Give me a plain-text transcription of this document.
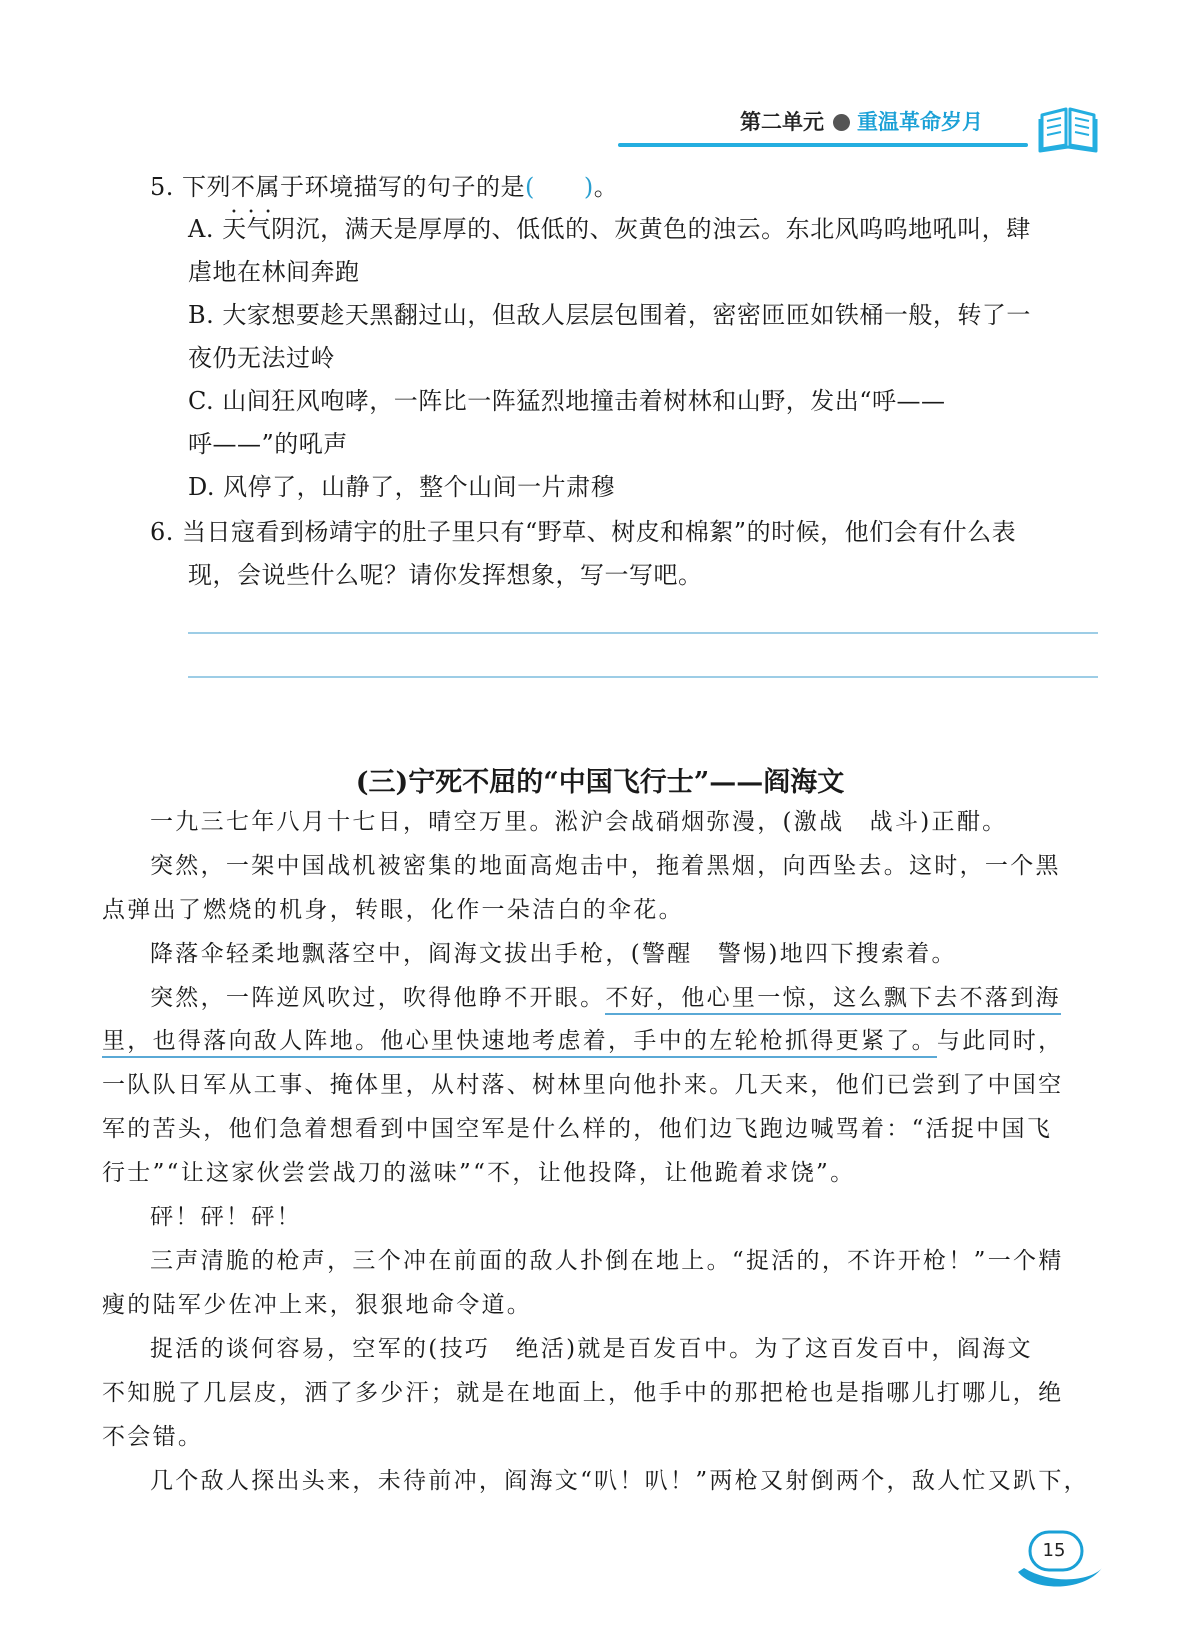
第二单元 重温革命岁月
5. 下列不属于 • • •环境描写的句子的是(　　)。
A. 天气阴沉，满天是厚厚的、低低的、灰黄色的浊云。东北风呜呜地吼叫，肆
虐地在林间奔跑
B. 大家想要趁天黑翻过山，但敌人层层包围着，密密匝匝如铁桶一般，转了一
夜仍无法过岭
C. 山间狂风咆哮，一阵比一阵猛烈地撞击着树林和山野，发出“呼——
呼——”的吼声
D. 风停了，山静了，整个山间一片肃穆
6. 当日寇看到杨靖宇的肚子里只有“野草、树皮和棉絮”的时候，他们会有什么表
现，会说些什么呢？请你发挥想象，写一写吧。
(三)宁死不屈的“中国飞行士”——阎海文
一九三七年八月十七日，晴空万里。淞沪会战硝烟弥漫，(激战　战斗)正酣。
突然，一架中国战机被密集的地面高炮击中，拖着黑烟，向西坠去。这时，一个黑
点弹出了燃烧的机身，转眼，化作一朵洁白的伞花。
降落伞轻柔地飘落空中，阎海文拔出手枪，(警醒　警惕)地四下搜索着。
突然，一阵逆风吹过，吹得他睁不开眼。不好，他心里一惊，这么飘下去不落到海
里，也得落向敌人阵地。他心里快速地考虑着，手中的左轮枪抓得更紧了。与此同时，
一队队日军从工事、掩体里，从村落、树林里向他扑来。几天来，他们已尝到了中国空
军的苦头，他们急着想看到中国空军是什么样的，他们边飞跑边喊骂着：“活捉中国飞
行士”“让这家伙尝尝战刀的滋味”“不，让他投降，让他跪着求饶”。
砰！砰！砰！
三声清脆的枪声，三个冲在前面的敌人扑倒在地上。“捉活的，不许开枪！”一个精
瘦的陆军少佐冲上来，狠狠地命令道。
捉活的谈何容易，空军的(技巧　绝活)就是百发百中。为了这百发百中，阎海文
不知脱了几层皮，洒了多少汗；就是在地面上，他手中的那把枪也是指哪儿打哪儿，绝
不会错。
几个敌人探出头来，未待前冲，阎海文“叭！叭！”两枪又射倒两个，敌人忙又趴下，
15
